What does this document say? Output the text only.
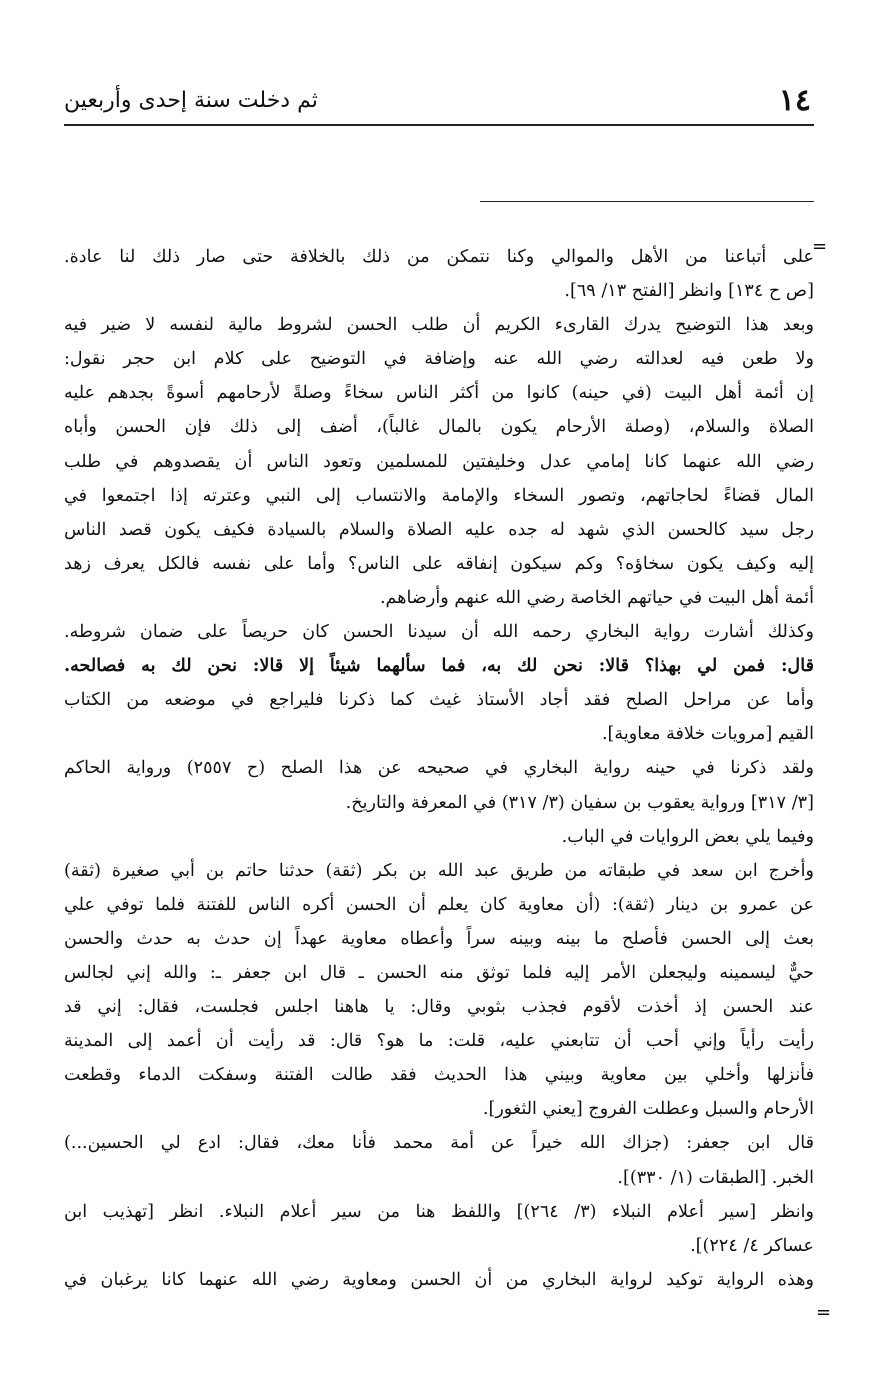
١٤
ثم دخلت سنة إحدى وأربعين
=
=
على أتباعنا من الأهل والموالي وكنا نتمكن من ذلك بالخلافة حتى صار ذلك لنا عادة.
[ص ح ١٣٤] وانظر [الفتح ١٣/ ٦٩].
وبعد هذا التوضيح يدرك القارىء الكريم أن طلب الحسن لشروط مالية لنفسه لا ضير فيه
ولا طعن فيه لعدالته رضي الله عنه وإضافة في التوضيح على كلام ابن حجر نقول:
إن أئمة أهل البيت (في حينه) كانوا من أكثر الناس سخاءً وصلةً لأرحامهم أسوةً بجدهم عليه
الصلاة والسلام، (وصلة الأرحام يكون بالمال غالباً)، أضف إلى ذلك فإن الحسن وأباه
رضي الله عنهما كانا إمامي عدل وخليفتين للمسلمين وتعود الناس أن يقصدوهم في طلب
المال قضاءً لحاجاتهم، وتصور السخاء والإمامة والانتساب إلى النبي وعترته إذا اجتمعوا في
رجل سيد كالحسن الذي شهد له جده عليه الصلاة والسلام بالسيادة فكيف يكون قصد الناس
إليه وكيف يكون سخاؤه؟ وكم سيكون إنفاقه على الناس؟ وأما على نفسه فالكل يعرف زهد
أئمة أهل البيت في حياتهم الخاصة رضي الله عنهم وأرضاهم.
وكذلك أشارت رواية البخاري رحمه الله أن سيدنا الحسن كان حريصاً على ضمان شروطه.
قال: فمن لي بهذا؟ قالا: نحن لك به، فما سألهما شيئاً إلا قالا: نحن لك به فصالحه.
وأما عن مراحل الصلح فقد أجاد الأستاذ غيث كما ذكرنا فليراجع في موضعه من الكتاب
القيم [مرويات خلافة معاوية].
ولقد ذكرنا في حينه رواية البخاري في صحيحه عن هذا الصلح (ح ٢٥٥٧) ورواية الحاكم
[٣/ ٣١٧] ورواية يعقوب بن سفيان (٣/ ٣١٧) في المعرفة والتاريخ.
وفيما يلي بعض الروايات في الباب.
وأخرج ابن سعد في طبقاته من طريق عبد الله بن بكر (ثقة) حدثنا حاتم بن أبي صغيرة (ثقة)
عن عمرو بن دينار (ثقة): (أن معاوية كان يعلم أن الحسن أكره الناس للفتنة فلما توفي علي
بعث إلى الحسن فأصلح ما بينه وبينه سراً وأعطاه معاوية عهداً إن حدث به حدث والحسن
حيٌّ ليسمينه وليجعلن الأمر إليه فلما توثق منه الحسن ـ قال ابن جعفر ـ: والله إني لجالس
عند الحسن إذ أخذت لأقوم فجذب بثوبي وقال: يا هاهنا اجلس فجلست، فقال: إني قد
رأيت رأياً وإني أحب أن تتابعني عليه، قلت: ما هو؟ قال: قد رأيت أن أعمد إلى المدينة
فأنزلها وأخلي بين معاوية وبيني هذا الحديث فقد طالت الفتنة وسفكت الدماء وقطعت
الأرحام والسبل وعطلت الفروج [يعني الثغور].
قال ابن جعفر: (جزاك الله خيراً عن أمة محمد فأنا معك، فقال: ادع لي الحسين...)
الخبر. [الطبقات (١/ ٣٣٠)].
وانظر [سير أعلام النبلاء (٣/ ٢٦٤)] واللفظ هنا من سير أعلام النبلاء. انظر [تهذيب ابن
عساكر ٤/ ٢٢٤)].
وهذه الرواية توكيد لرواية البخاري من أن الحسن ومعاوية رضي الله عنهما كانا يرغبان في
